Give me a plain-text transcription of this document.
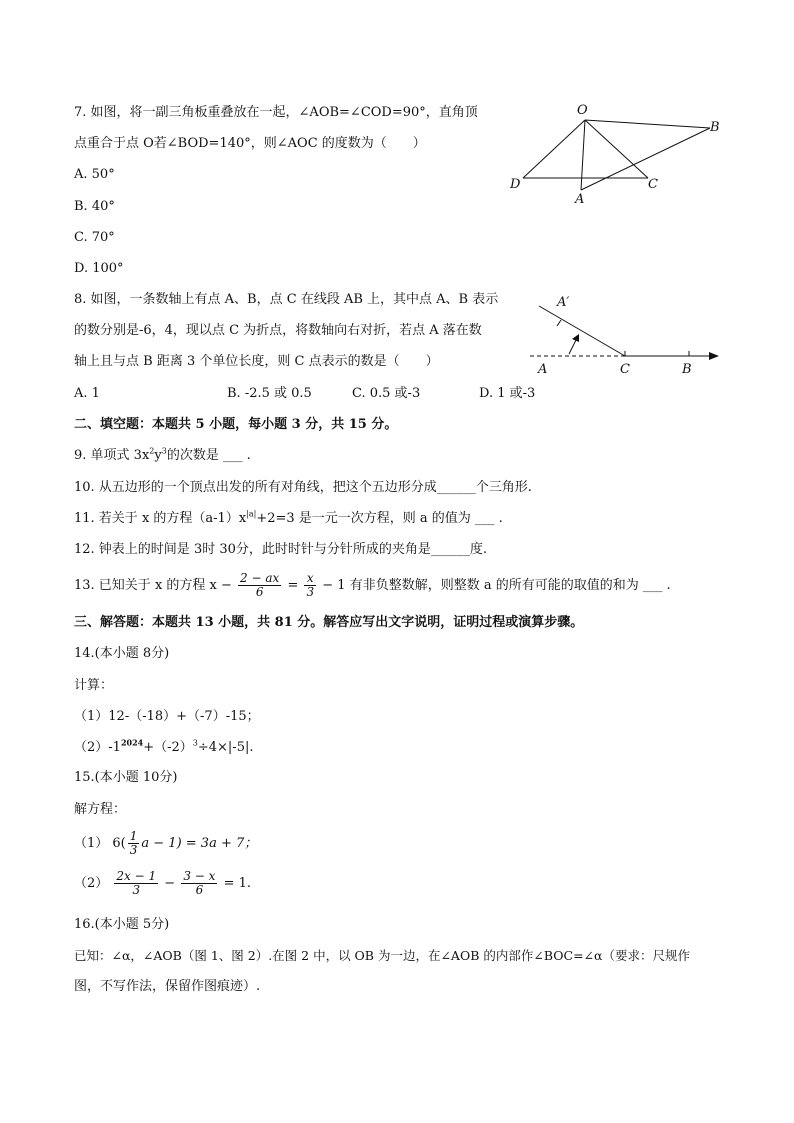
7. 如图，将一副三角板重叠放在一起，∠AOB=∠COD=90°，直角顶
点重合于点 O若∠BOD=140°，则∠AOC 的度数为（　　）
A. 50°
B. 40°
C. 70°
D. 100°
O
B
D	C
A
8. 如图，一条数轴上有点 A、B，点 C 在线段 AB 上，其中点 A、B 表示
的数分别是-6，4，现以点 C 为折点，将数轴向右对折，若点 A 落在数
轴上且与点 B 距离 3 个单位长度，则 C 点表示的数是（　　）
A. 1	B. -2.5 或 0.5	C. 0.5 或-3	D. 1 或-3
A′
A	C	B
二、填空题：本题共 5 小题，每小题 3 分，共 15 分。
9. 单项式 $3x^2y^3$的次数是 ___ .
10. 从五边形的一个顶点出发的所有对角线，把这个五边形分成______个三角形.
11. 若关于 x 的方程$(a-1)x^{|a|}+2=3$ 是一元一次方程，则 a 的值为 ___ .
12. 钟表上的时间是 3时 30分，此时时针与分针所成的夹角是______度.
13. 已知关于 x 的方程 $x - \frac{2 - ax}{6} = \frac{x}{3} - 1$ 有非负整数解，则整数 a 的所有可能的取值的和为 ___ .
三、解答题：本题共 13 小题，共 81 分。解答应写出文字说明，证明过程或演算步骤。
14.(本小题 8分)
计算：
（1）12-（-18）+（-7）-15；
$(2)-1^{2024}+(-2)^3\div 4\times|-5|$.
15.(本小题 10分)
解方程：
（1） $6( \frac{1}{3}$ a − 1) = 3a + 7；
$(2) \frac{2x - 1}{3} - \frac{3 - x}{6} = 1$.
16.(本小题 5分)
已知：∠α，∠AOB（图 1、图 2）.在图 2 中，以 OB 为一边，在∠AOB 的内部作∠BOC=∠α（要求：尺规作
图，不写作法，保留作图痕迹）.
